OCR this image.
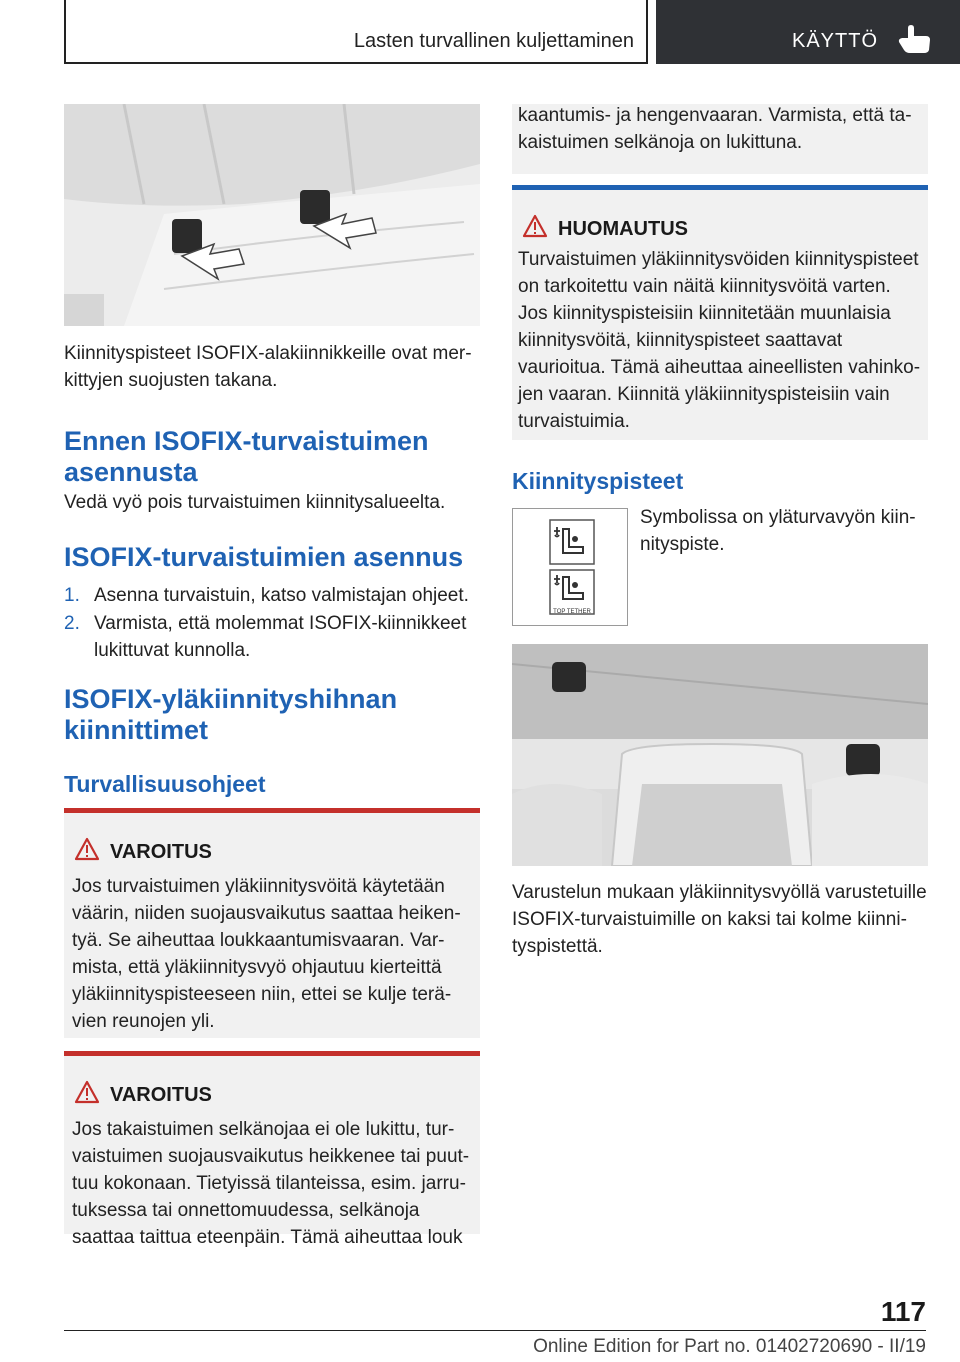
Lasten turvallinen kuljettaminen	KÄYTTÖ
Kiinnityspisteet ISOFIX-alakiinnikkeille ovat merkittyjen suojusten takana.
Ennen ISOFIX-turvaistuimen asennusta
Vedä vyö pois turvaistuimen kiinnitysalueelta.
ISOFIX-turvaistuimien asennus
1. Asenna turvaistuin, katso valmistajan ohjeet.
2. Varmista, että molemmat ISOFIX-kiinnikkeet lukittuvat kunnolla.
ISOFIX-yläkiinnityshihnan kiinnittimet
Turvallisuusohjeet
VAROITUS
Jos turvaistuimen yläkiinnitysvöitä käytetään väärin, niiden suojausvaikutus saattaa heikentyä. Se aiheuttaa loukkaantumisvaaran. Varmista, että yläkiinnitysvyö ohjautuu kierteittä yläkiinnityspisteeseen niin, ettei se kulje terävien reunojen yli.
VAROITUS
Jos takaistuimen selkänojaa ei ole lukittu, turvaistuimen suojausvaikutus heikkenee tai puuttuu kokonaan. Tietyissä tilanteissa, esim. jarrutuksessa tai onnettomuudessa, selkänoja saattaa taittua eteenpäin. Tämä aiheuttaa louk
kaantumis- ja hengenvaaran. Varmista, että takaistuimen selkänoja on lukittuna.
HUOMAUTUS
Turvaistuimen yläkiinnitysvöiden kiinnityspisteet on tarkoitettu vain näitä kiinnitysvöitä varten. Jos kiinnityspisteisiin kiinnitetään muunlaisia kiinnitysvöitä, kiinnityspisteet saattavat vaurioitua. Tämä aiheuttaa aineellisten vahinkojen vaaran. Kiinnitä yläkiinnityspisteisiin vain turvaistuimia.
Kiinnityspisteet
TOP TETHER
Symbolissa on yläturvavyön kiinnityspiste.
Varustelun mukaan yläkiinnitysvyöllä varustetuille ISOFIX-turvaistuimille on kaksi tai kolme kiinnityspistettä.
117
Online Edition for Part no. 01402720690 - II/19
